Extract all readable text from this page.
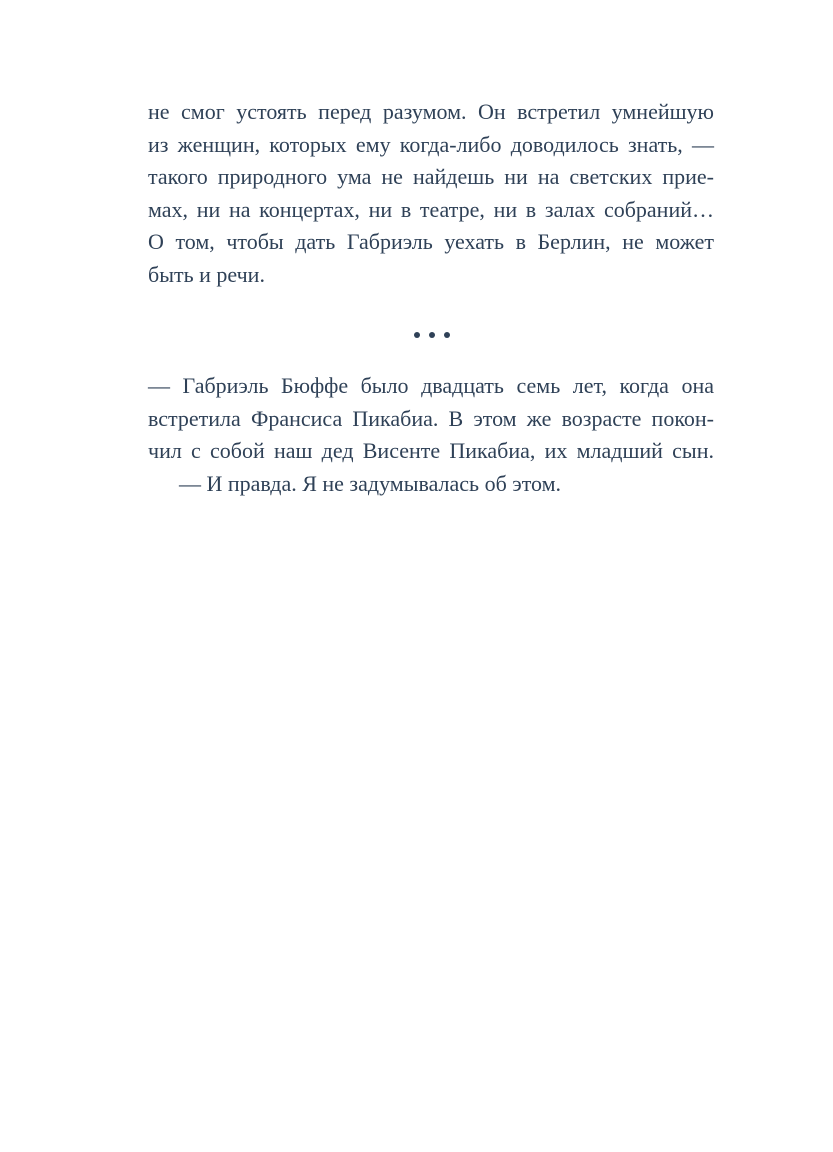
не смог устоять перед разумом. Он встретил умнейшую
из женщин, которых ему когда-либо доводилось знать, —
такого природного ума не найдешь ни на светских прие-
мах, ни на концертах, ни в театре, ни в залах собраний…
О том, чтобы дать Габриэль уехать в Берлин, не может
быть и речи.
— Габриэль Бюффе было двадцать семь лет, когда она
встретила Франсиса Пикабиа. В этом же возрасте покон-
чил с собой наш дед Висенте Пикабиа, их младший сын.
— И правда. Я не задумывалась об этом.
